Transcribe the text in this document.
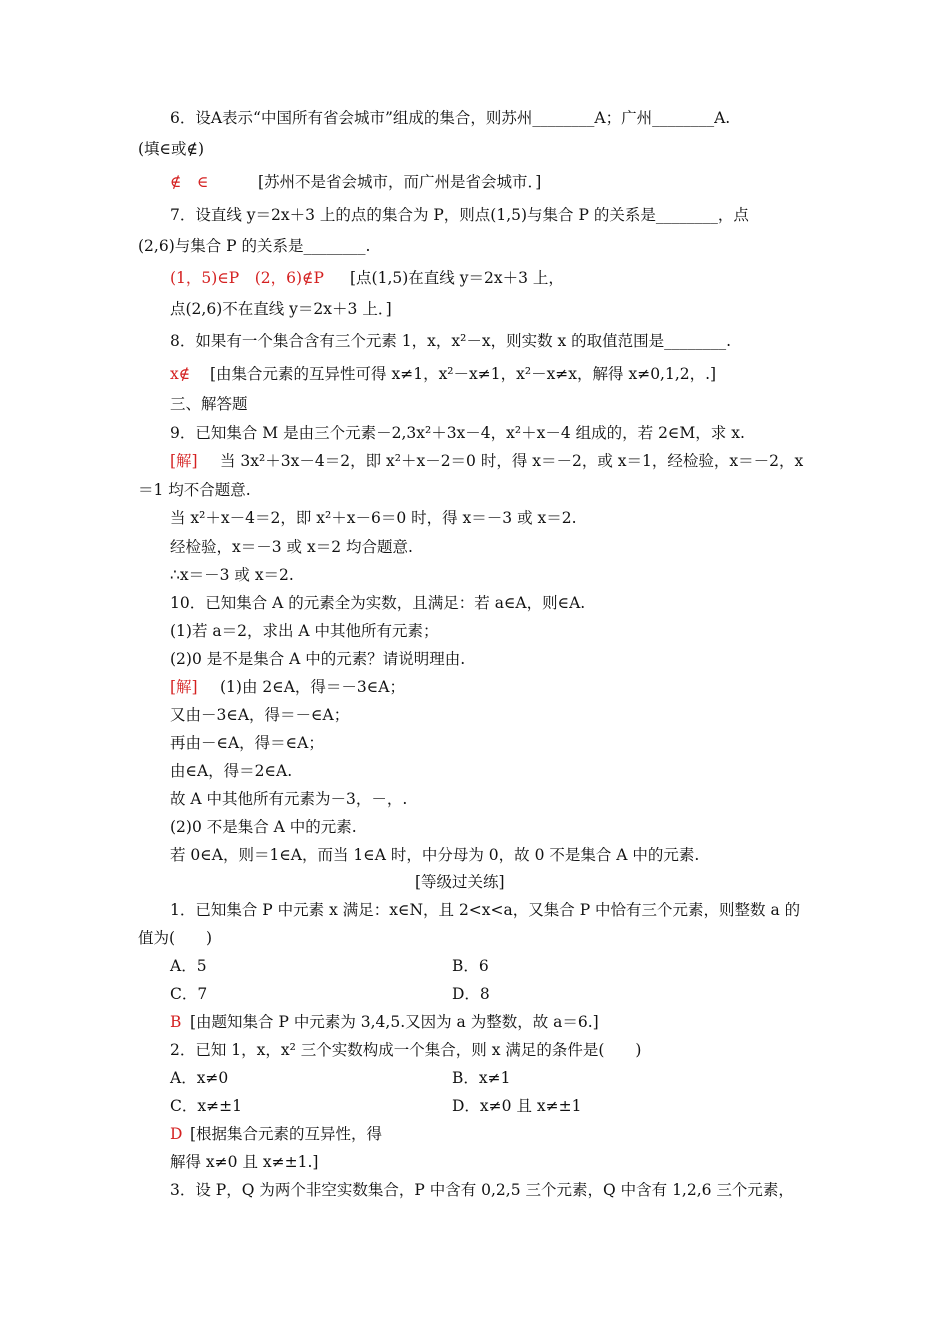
6．设A表示“中国所有省会城市”组成的集合，则苏州________A；广州________A.
(填∈或∉)
∉　∈	[苏州不是省会城市，而广州是省会城市．]
7．设直线 y＝2x＋3 上的点的集合为 P，则点(1,5)与集合 P 的关系是________，点
(2,6)与集合 P 的关系是________.
(1，5)∈P　(2，6)∉P [点(1,5)在直线 y＝2x＋3 上，
点(2,6)不在直线 y＝2x＋3 上．]
8．如果有一个集合含有三个元素 1，x，x²－x，则实数 x 的取值范围是________.
x∉ [由集合元素的互异性可得 x≠1，x²－x≠1，x²－x≠x，解得 x≠0,1,2，.]
三、解答题
9．已知集合 M 是由三个元素－2,3x²＋3x－4，x²＋x－4 组成的，若 2∈M，求 x.
[解] 当 3x²＋3x－4＝2，即 x²＋x－2＝0 时，得 x＝－2，或 x＝1，经检验，x＝－2，x
＝1 均不合题意.
当 x²＋x－4＝2，即 x²＋x－6＝0 时，得 x＝－3 或 x＝2.
经检验，x＝－3 或 x＝2 均合题意.
∴x＝－3 或 x＝2.
10．已知集合 A 的元素全为实数，且满足：若 a∈A，则∈A.
(1)若 a＝2，求出 A 中其他所有元素；
(2)0 是不是集合 A 中的元素？请说明理由.
[解] (1)由 2∈A，得＝－3∈A；
又由－3∈A，得＝－∈A；
再由－∈A，得＝∈A；
由∈A，得＝2∈A.
故 A 中其他所有元素为－3，－，.
(2)0 不是集合 A 中的元素.
若 0∈A，则＝1∈A，而当 1∈A 时，中分母为 0，故 0 不是集合 A 中的元素.
[等级过关练]
1．已知集合 P 中元素 x 满足：x∈N，且 2<x<a，又集合 P 中恰有三个元素，则整数 a 的
值为(　　)
A．5	B．6
C．7	D．8
B [由题知集合 P 中元素为 3,4,5.又因为 a 为整数，故 a＝6.]
2．已知 1，x，x² 三个实数构成一个集合，则 x 满足的条件是(　　)
A．x≠0	B．x≠1
C．x≠±1	D．x≠0 且 x≠±1
D [根据集合元素的互异性，得
解得 x≠0 且 x≠±1.]
3．设 P，Q 为两个非空实数集合，P 中含有 0,2,5 三个元素，Q 中含有 1,2,6 三个元素，
